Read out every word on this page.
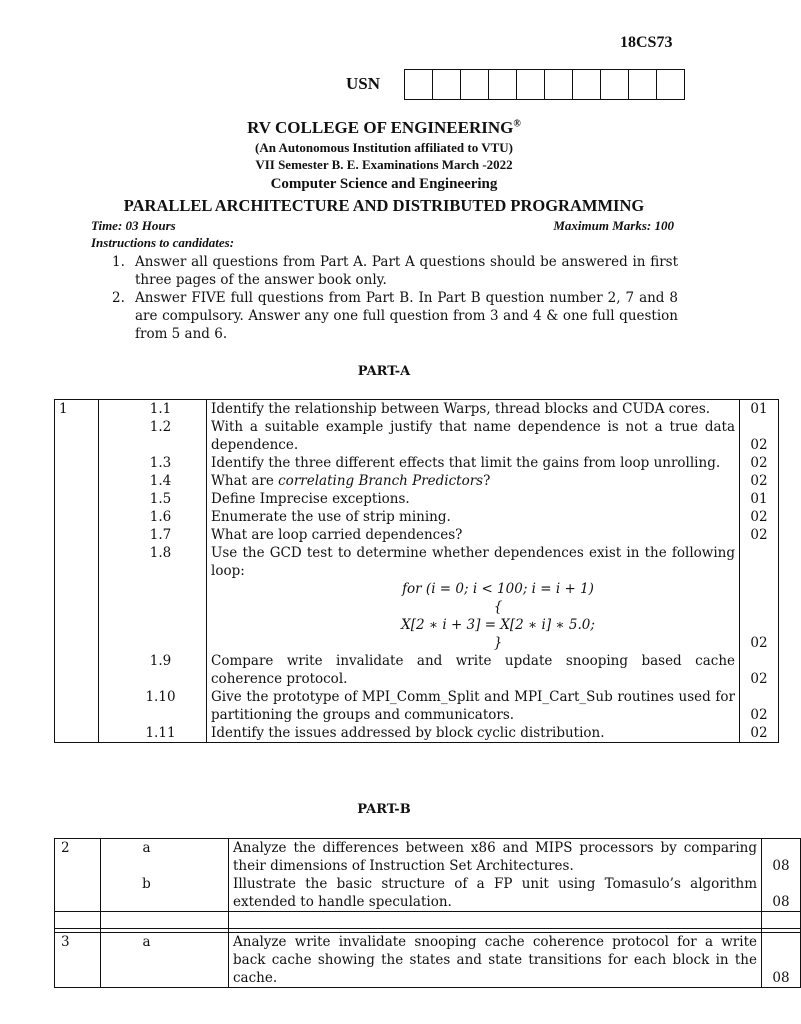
18CS73
USN
RV COLLEGE OF ENGINEERING®
(An Autonomous Institution affiliated to VTU)
VII Semester B. E. Examinations March -2022
Computer Science and Engineering
PARALLEL ARCHITECTURE AND DISTRIBUTED PROGRAMMING
Time: 03 Hours	Maximum Marks: 100
Instructions to candidates:
1. Answer all questions from Part A. Part A questions should be answered in first three pages of the answer book only.
2. Answer FIVE full questions from Part B. In Part B question number 2, 7 and 8 are compulsory. Answer any one full question from 3 and 4 & one full question from 5 and 6.
PART-A
1	1.1	Identify the relationship between Warps, thread blocks and CUDA cores.	01
	1.2	With a suitable example justify that name dependence is not a true data dependence.	02
	1.3	Identify the three different effects that limit the gains from loop unrolling.	02
	1.4	What are correlating Branch Predictors?	02
	1.5	Define Imprecise exceptions.	01
	1.6	Enumerate the use of strip mining.	02
	1.7	What are loop carried dependences?	02
	1.8	Use the GCD test to determine whether dependences exist in the following loop:
for (i = 0; i < 100; i = i + 1)
{
X[2 ∗ i + 3] = X[2 ∗ i] ∗ 5.0;
}	02
	1.9	Compare write invalidate and write update snooping based cache coherence protocol.	02
	1.10	Give the prototype of MPI_Comm_Split and MPI_Cart_Sub routines used for partitioning the groups and communicators.	02
	1.11	Identify the issues addressed by block cyclic distribution.	02
PART-B
2	a	Analyze the differences between x86 and MIPS processors by comparing their dimensions of Instruction Set Architectures.	08
	b	Illustrate the basic structure of a FP unit using Tomasulo’s algorithm extended to handle speculation.	08

3	a	Analyze write invalidate snooping cache coherence protocol for a write back cache showing the states and state transitions for each block in the cache.	08
